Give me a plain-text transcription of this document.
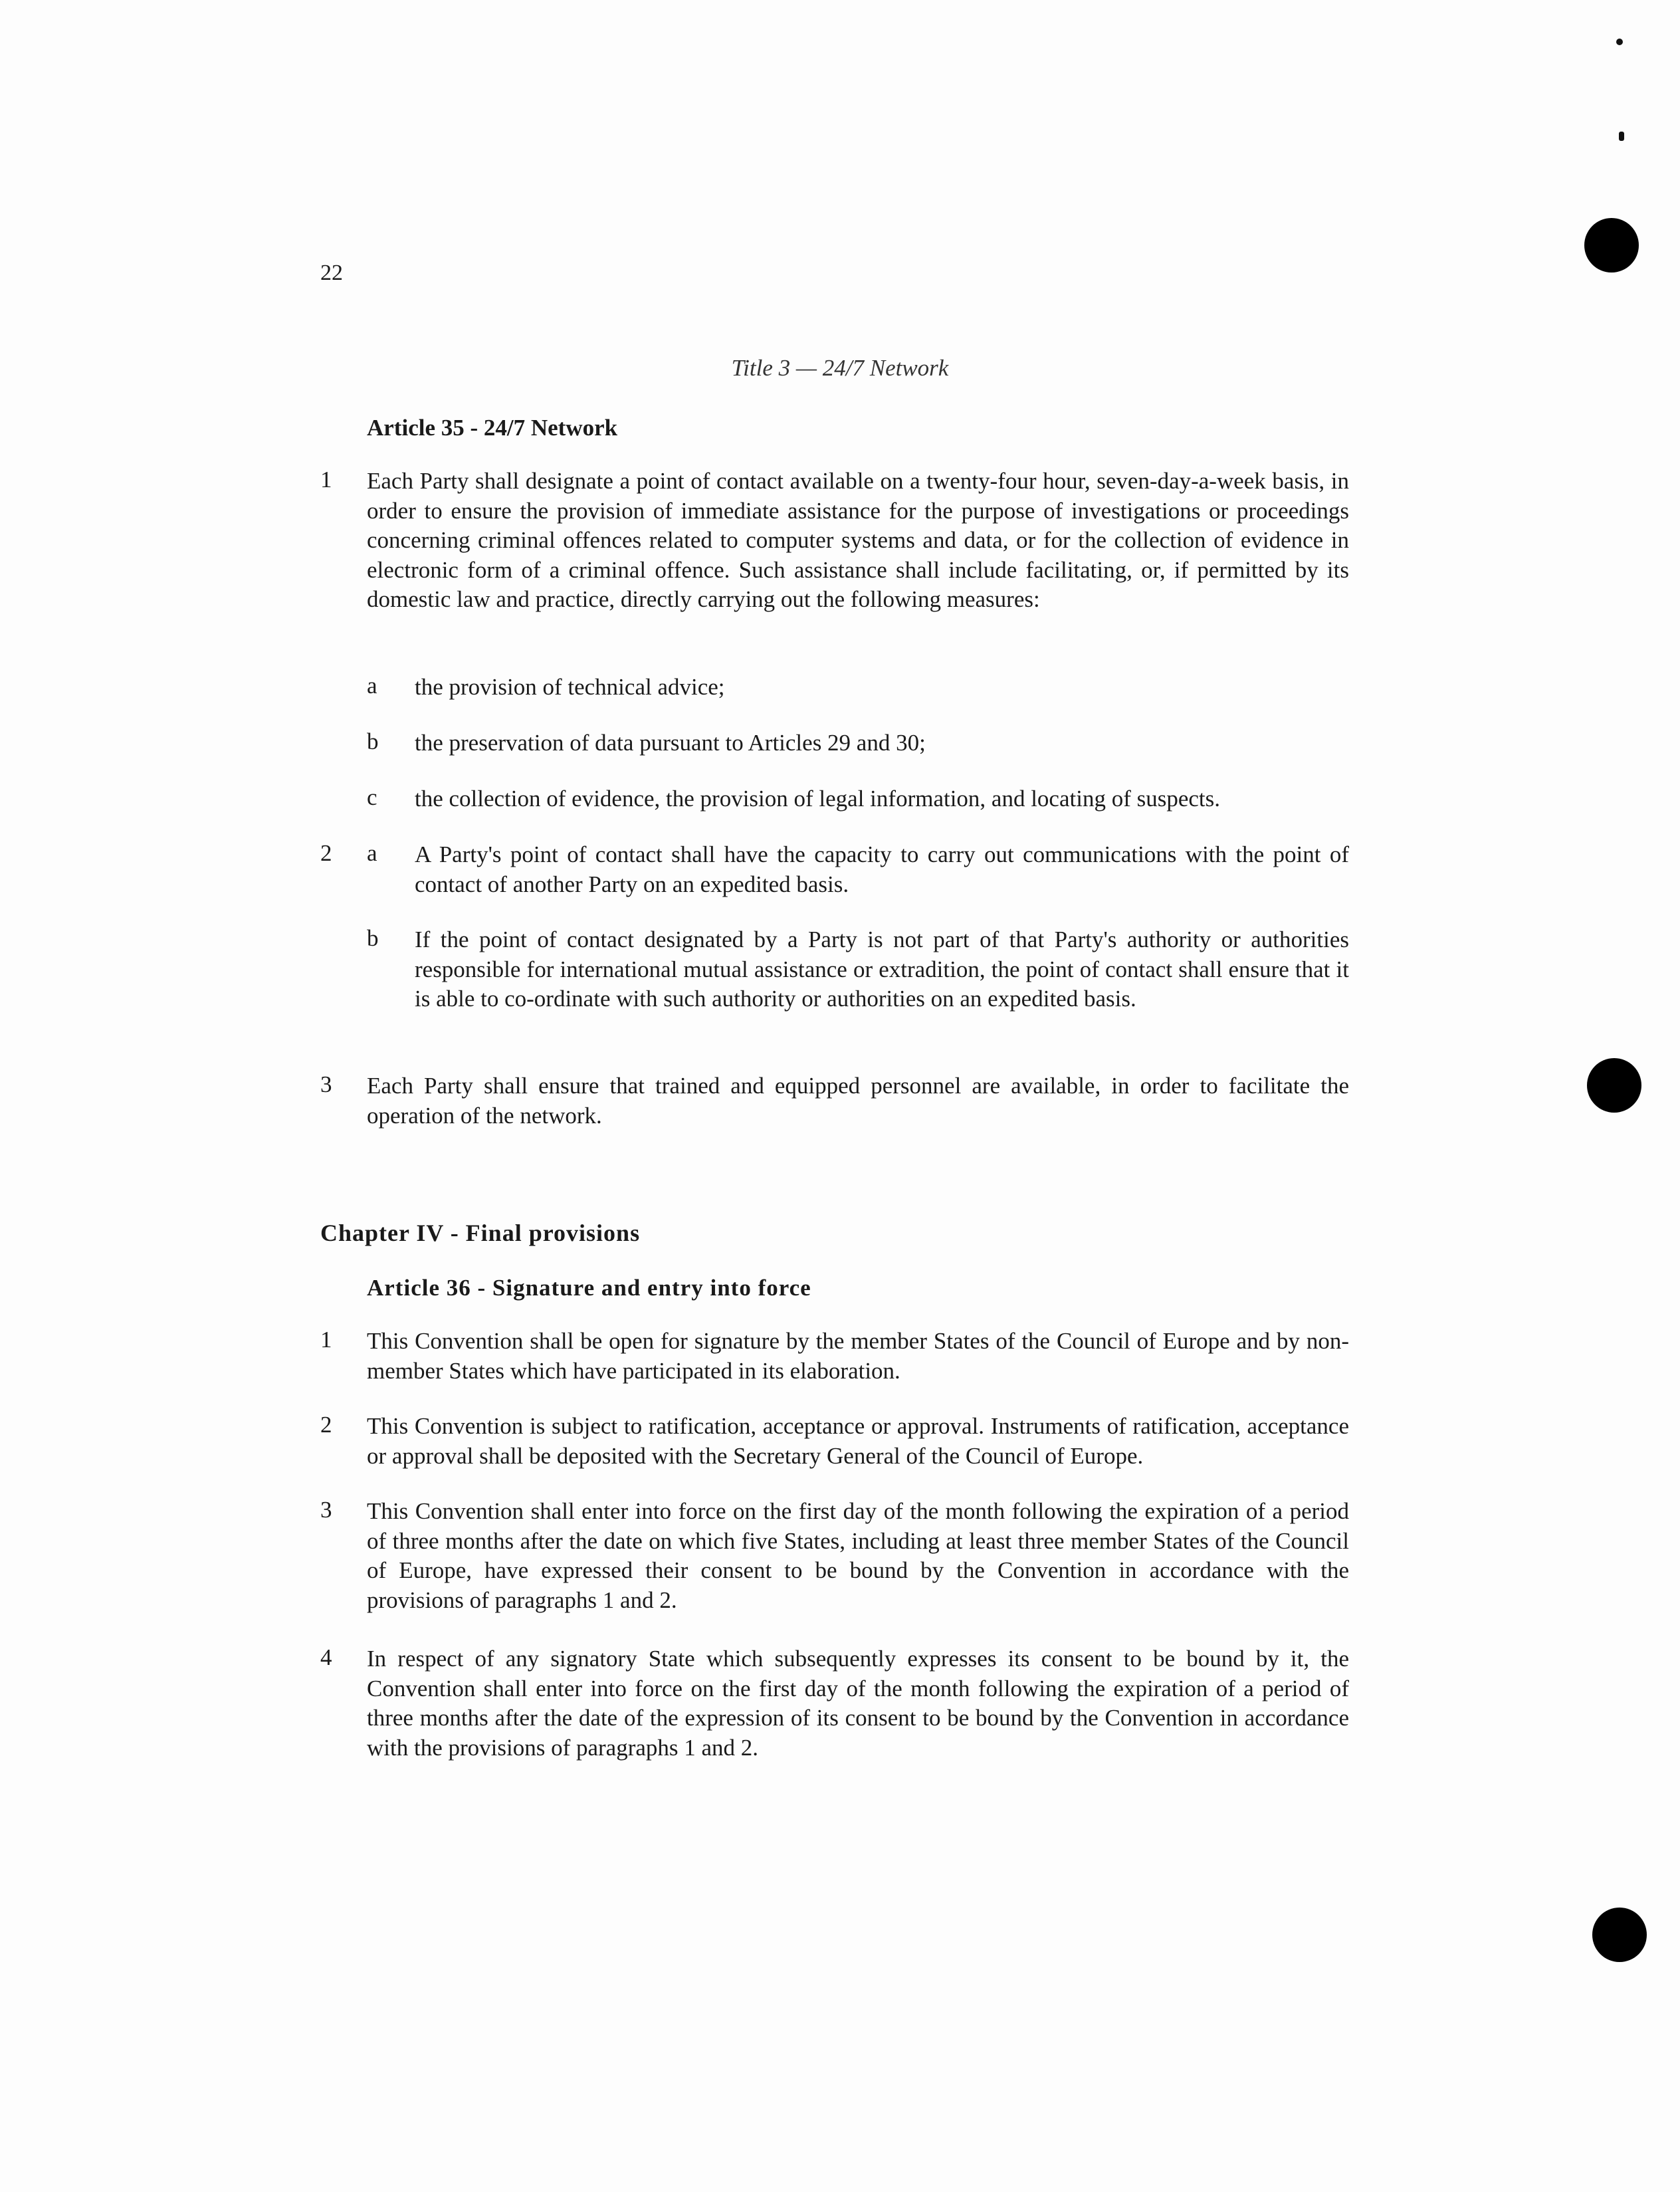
22
Title 3 — 24/7 Network
Article 35 - 24/7 Network
1 Each Party shall designate a point of contact available on a twenty-four hour, seven-day-a-week basis, in order to ensure the provision of immediate assistance for the purpose of investigations or proceedings concerning criminal offences related to computer systems and data, or for the collection of evidence in electronic form of a criminal offence. Such assistance shall include facilitating, or, if permitted by its domestic law and practice, directly carrying out the following measures:
a the provision of technical advice;
b the preservation of data pursuant to Articles 29 and 30;
c the collection of evidence, the provision of legal information, and locating of suspects.
2 a A Party's point of contact shall have the capacity to carry out communications with the point of contact of another Party on an expedited basis.
b If the point of contact designated by a Party is not part of that Party's authority or authorities responsible for international mutual assistance or extradition, the point of contact shall ensure that it is able to co-ordinate with such authority or authorities on an expedited basis.
3 Each Party shall ensure that trained and equipped personnel are available, in order to facilitate the operation of the network.
Chapter IV - Final provisions
Article 36 - Signature and entry into force
1 This Convention shall be open for signature by the member States of the Council of Europe and by non-member States which have participated in its elaboration.
2 This Convention is subject to ratification, acceptance or approval. Instruments of ratification, acceptance or approval shall be deposited with the Secretary General of the Council of Europe.
3 This Convention shall enter into force on the first day of the month following the expiration of a period of three months after the date on which five States, including at least three member States of the Council of Europe, have expressed their consent to be bound by the Convention in accordance with the provisions of paragraphs 1 and 2.
4 In respect of any signatory State which subsequently expresses its consent to be bound by it, the Convention shall enter into force on the first day of the month following the expiration of a period of three months after the date of the expression of its consent to be bound by the Convention in accordance with the provisions of paragraphs 1 and 2.
